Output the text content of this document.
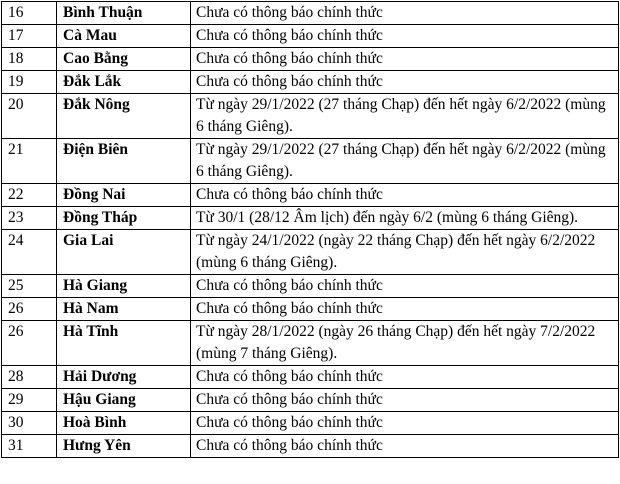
16	Bình Thuận	Chưa có thông báo chính thức
17	Cà Mau	Chưa có thông báo chính thức
18	Cao Bằng	Chưa có thông báo chính thức
19	Đắk Lắk	Chưa có thông báo chính thức
20	Đắk Nông	Từ ngày 29/1/2022 (27 tháng Chạp) đến hết ngày 6/2/2022 (mùng 6 tháng Giêng).
21	Điện Biên	Từ ngày 29/1/2022 (27 tháng Chạp) đến hết ngày 6/2/2022 (mùng 6 tháng Giêng).
22	Đồng Nai	Chưa có thông báo chính thức
23	Đồng Tháp	Từ 30/1 (28/12 Âm lịch) đến ngày 6/2 (mùng 6 tháng Giêng).
24	Gia Lai	Từ ngày 24/1/2022 (ngày 22 tháng Chạp) đến hết ngày 6/2/2022 (mùng 6 tháng Giêng).
25	Hà Giang	Chưa có thông báo chính thức
26	Hà Nam	Chưa có thông báo chính thức
26	Hà Tĩnh	Từ ngày 28/1/2022 (ngày 26 tháng Chạp) đến hết ngày 7/2/2022 (mùng 7 tháng Giêng).
28	Hải Dương	Chưa có thông báo chính thức
29	Hậu Giang	Chưa có thông báo chính thức
30	Hoà Bình	Chưa có thông báo chính thức
31	Hưng Yên	Chưa có thông báo chính thức
